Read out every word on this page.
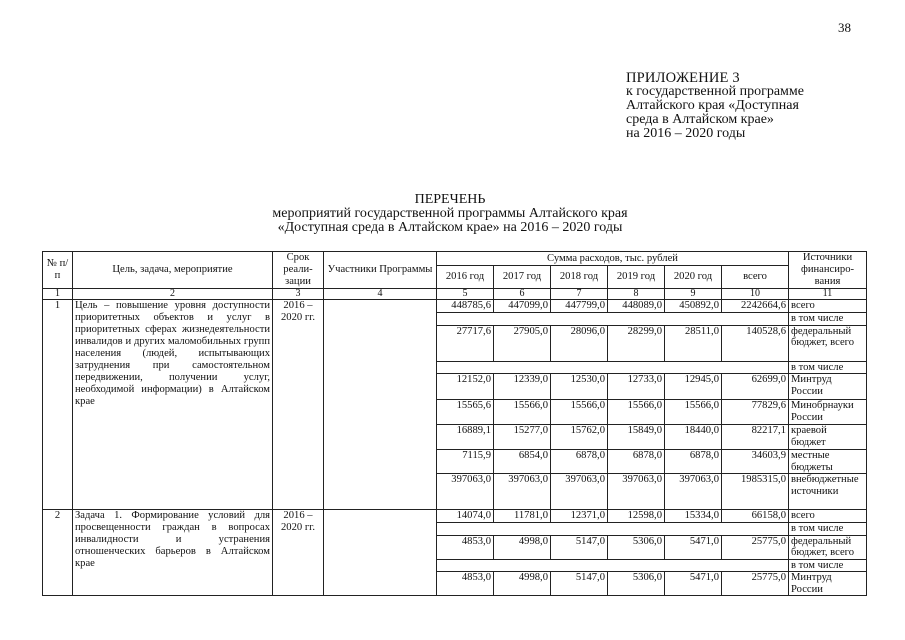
38
ПРИЛОЖЕНИЕ 3
к государственной программе
Алтайского края «Доступная
среда в Алтайском крае»
на 2016 – 2020 годы
ПЕРЕЧЕНЬ
мероприятий государственной программы Алтайского края
«Доступная среда в Алтайском крае» на 2016 – 2020 годы
№ п/п	Цель, задача, мероприятие	Срок реали-зации	Участники Программы	Сумма расходов, тыс. рублей						Источники финансиро-вания
				2016 год	2017 год	2018 год	2019 год	2020 год	всего	
1	2	3	4	5	6	7	8	9	10	11
1	Цель – повышение уровня доступности приоритетных объектов и услуг в приоритетных сферах жизнедеятельности инвалидов и других маломобильных групп населения (людей, испытывающих затруднения при самостоятельном передвижении, получении услуг, необходимой информации) в Алтайском крае	2016 – 2020 гг.		448785,6	447099,0	447799,0	448089,0	450892,0	2242664,6	всего
										в том числе
				27717,6	27905,0	28096,0	28299,0	28511,0	140528,6	федеральный бюджет, всего
										в том числе
				12152,0	12339,0	12530,0	12733,0	12945,0	62699,0	Минтруд России
				15565,6	15566,0	15566,0	15566,0	15566,0	77829,6	Минобрнауки России
				16889,1	15277,0	15762,0	15849,0	18440,0	82217,1	краевой бюджет
				7115,9	6854,0	6878,0	6878,0	6878,0	34603,9	местные бюджеты
				397063,0	397063,0	397063,0	397063,0	397063,0	1985315,0	внебюджетные источники
2	Задача 1. Формирование условий для просвещенности граждан в вопросах инвалидности и устранения отношенческих барьеров в Алтайском крае	2016 – 2020 гг.		14074,0	11781,0	12371,0	12598,0	15334,0	66158,0	всего
										в том числе
				4853,0	4998,0	5147,0	5306,0	5471,0	25775,0	федеральный бюджет, всего
										в том числе
				4853,0	4998,0	5147,0	5306,0	5471,0	25775,0	Минтруд России
